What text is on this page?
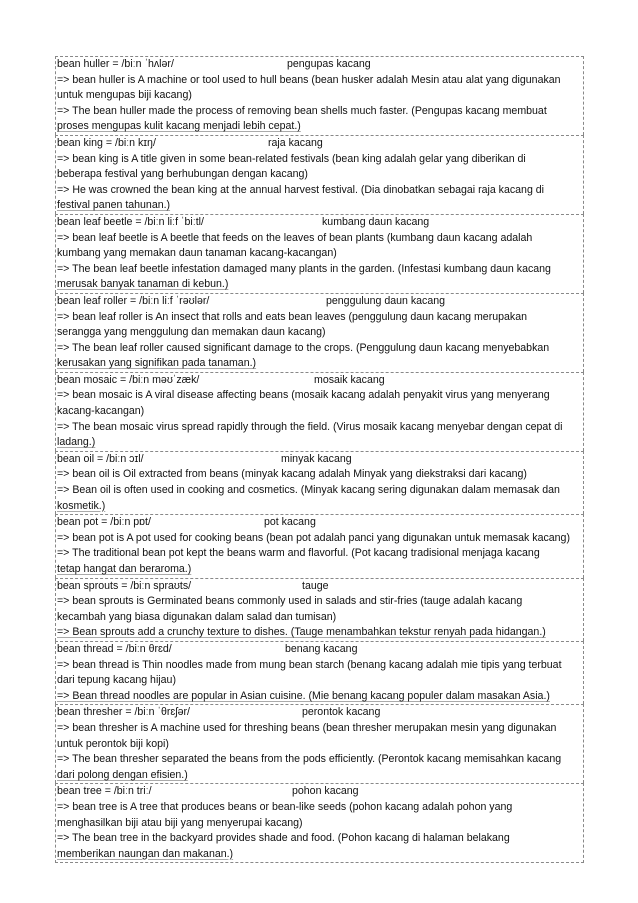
bean huller = /biːn ˈhʌlər/	pengupas kacang
=> bean huller is A machine or tool used to hull beans (bean husker adalah Mesin atau alat yang digunakan
untuk mengupas biji kacang)
=> The bean huller made the process of removing bean shells much faster. (Pengupas kacang membuat
proses mengupas kulit kacang menjadi lebih cepat.)
bean king = /biːn kɪŋ/	raja kacang
=> bean king is A title given in some bean-related festivals (bean king adalah gelar yang diberikan di
beberapa festival yang berhubungan dengan kacang)
=> He was crowned the bean king at the annual harvest festival. (Dia dinobatkan sebagai raja kacang di
festival panen tahunan.)
bean leaf beetle = /biːn liːf ˈbiːtl/	kumbang daun kacang
=> bean leaf beetle is A beetle that feeds on the leaves of bean plants (kumbang daun kacang adalah
kumbang yang memakan daun tanaman kacang-kacangan)
=> The bean leaf beetle infestation damaged many plants in the garden. (Infestasi kumbang daun kacang
merusak banyak tanaman di kebun.)
bean leaf roller = /biːn liːf ˈrəʊlər/	penggulung daun kacang
=> bean leaf roller is An insect that rolls and eats bean leaves (penggulung daun kacang merupakan
serangga yang menggulung dan memakan daun kacang)
=> The bean leaf roller caused significant damage to the crops. (Penggulung daun kacang menyebabkan
kerusakan yang signifikan pada tanaman.)
bean mosaic = /biːn məʊˈzæk/	mosaik kacang
=> bean mosaic is A viral disease affecting beans (mosaik kacang adalah penyakit virus yang menyerang
kacang-kacangan)
=> The bean mosaic virus spread rapidly through the field. (Virus mosaik kacang menyebar dengan cepat di
ladang.)
bean oil = /biːn ɔɪl/	minyak kacang
=> bean oil is Oil extracted from beans (minyak kacang adalah Minyak yang diekstraksi dari kacang)
=> Bean oil is often used in cooking and cosmetics. (Minyak kacang sering digunakan dalam memasak dan
kosmetik.)
bean pot = /biːn pɒt/	pot kacang
=> bean pot is A pot used for cooking beans (bean pot adalah panci yang digunakan untuk memasak kacang)
=> The traditional bean pot kept the beans warm and flavorful. (Pot kacang tradisional menjaga kacang
tetap hangat dan beraroma.)
bean sprouts = /biːn spraʊts/	tauge
=> bean sprouts is Germinated beans commonly used in salads and stir-fries (tauge adalah kacang
kecambah yang biasa digunakan dalam salad dan tumisan)
=> Bean sprouts add a crunchy texture to dishes. (Tauge menambahkan tekstur renyah pada hidangan.)
bean thread = /biːn θrɛd/	benang kacang
=> bean thread is Thin noodles made from mung bean starch (benang kacang adalah mie tipis yang terbuat
dari tepung kacang hijau)
=> Bean thread noodles are popular in Asian cuisine. (Mie benang kacang populer dalam masakan Asia.)
bean thresher = /biːn ˈθrɛʃər/	perontok kacang
=> bean thresher is A machine used for threshing beans (bean thresher merupakan mesin yang digunakan
untuk perontok biji kopi)
=> The bean thresher separated the beans from the pods efficiently. (Perontok kacang memisahkan kacang
dari polong dengan efisien.)
bean tree = /biːn triː/	pohon kacang
=> bean tree is A tree that produces beans or bean-like seeds (pohon kacang adalah pohon yang
menghasilkan biji atau biji yang menyerupai kacang)
=> The bean tree in the backyard provides shade and food. (Pohon kacang di halaman belakang
memberikan naungan dan makanan.)
